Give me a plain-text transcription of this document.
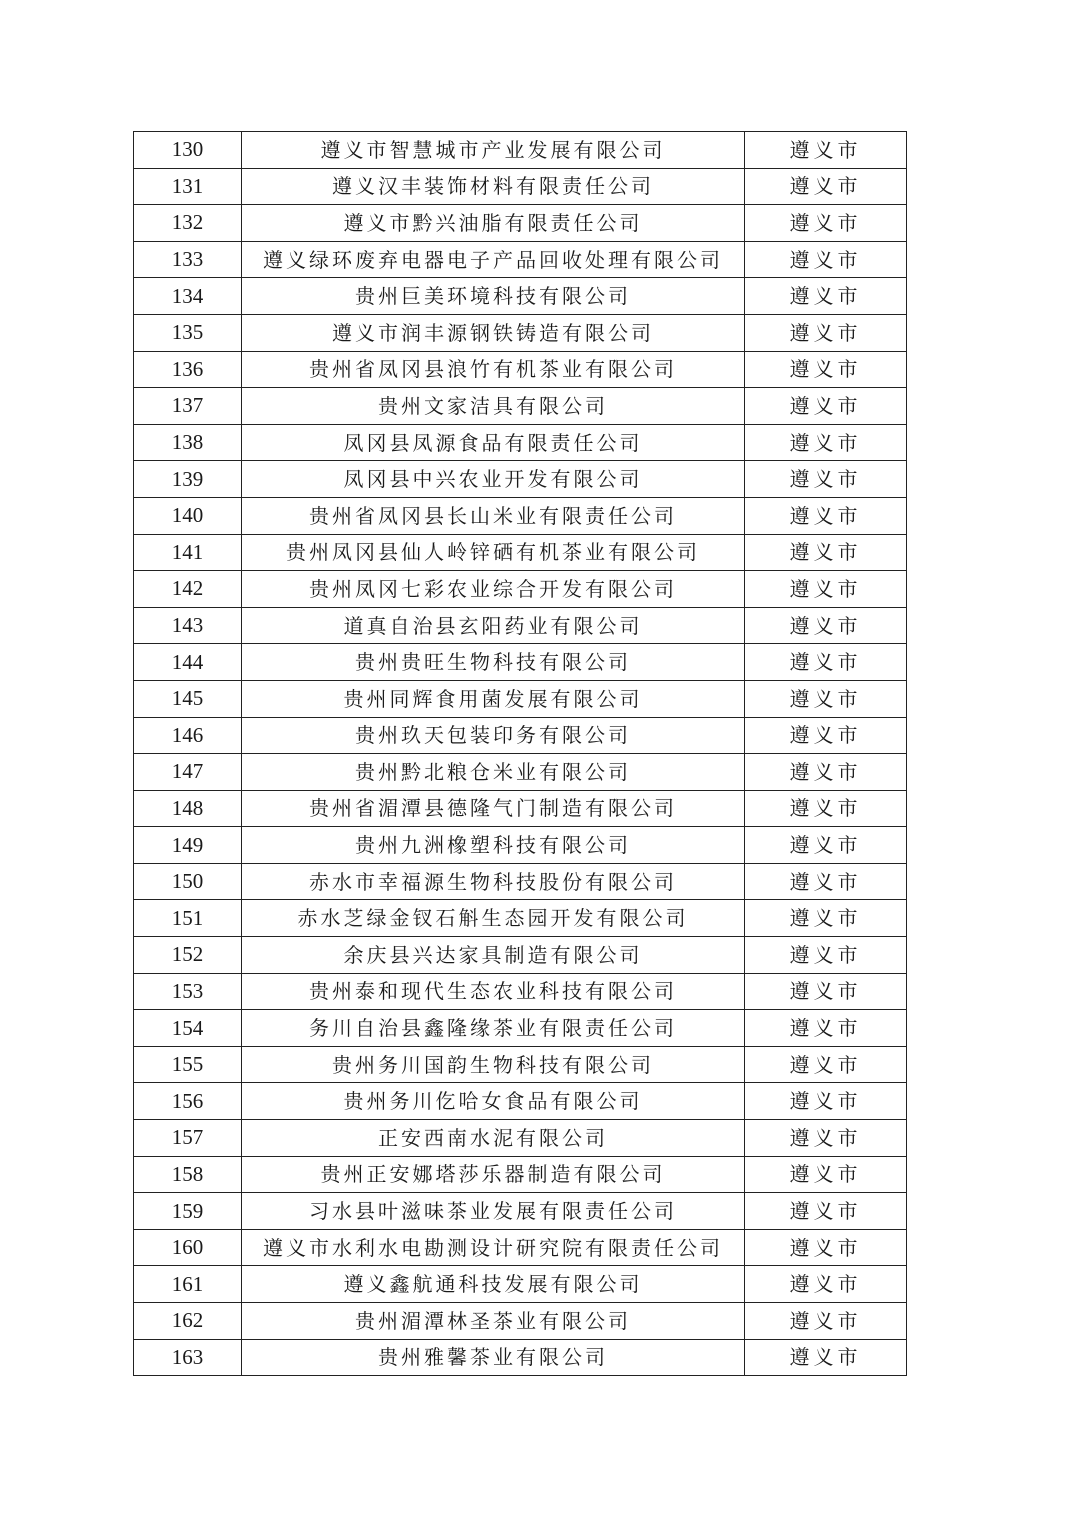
130	遵义市智慧城市产业发展有限公司	遵义市
131	遵义汉丰装饰材料有限责任公司	遵义市
132	遵义市黔兴油脂有限责任公司	遵义市
133	遵义绿环废弃电器电子产品回收处理有限公司	遵义市
134	贵州巨美环境科技有限公司	遵义市
135	遵义市润丰源钢铁铸造有限公司	遵义市
136	贵州省凤冈县浪竹有机茶业有限公司	遵义市
137	贵州文家洁具有限公司	遵义市
138	凤冈县凤源食品有限责任公司	遵义市
139	凤冈县中兴农业开发有限公司	遵义市
140	贵州省凤冈县长山米业有限责任公司	遵义市
141	贵州凤冈县仙人岭锌硒有机茶业有限公司	遵义市
142	贵州凤冈七彩农业综合开发有限公司	遵义市
143	道真自治县玄阳药业有限公司	遵义市
144	贵州贵旺生物科技有限公司	遵义市
145	贵州同辉食用菌发展有限公司	遵义市
146	贵州玖天包装印务有限公司	遵义市
147	贵州黔北粮仓米业有限公司	遵义市
148	贵州省湄潭县德隆气门制造有限公司	遵义市
149	贵州九洲橡塑科技有限公司	遵义市
150	赤水市幸福源生物科技股份有限公司	遵义市
151	赤水芝绿金钗石斛生态园开发有限公司	遵义市
152	余庆县兴达家具制造有限公司	遵义市
153	贵州泰和现代生态农业科技有限公司	遵义市
154	务川自治县鑫隆缘茶业有限责任公司	遵义市
155	贵州务川国韵生物科技有限公司	遵义市
156	贵州务川仡哈女食品有限公司	遵义市
157	正安西南水泥有限公司	遵义市
158	贵州正安娜塔莎乐器制造有限公司	遵义市
159	习水县叶滋味茶业发展有限责任公司	遵义市
160	遵义市水利水电勘测设计研究院有限责任公司	遵义市
161	遵义鑫航通科技发展有限公司	遵义市
162	贵州湄潭林圣茶业有限公司	遵义市
163	贵州雅馨茶业有限公司	遵义市
